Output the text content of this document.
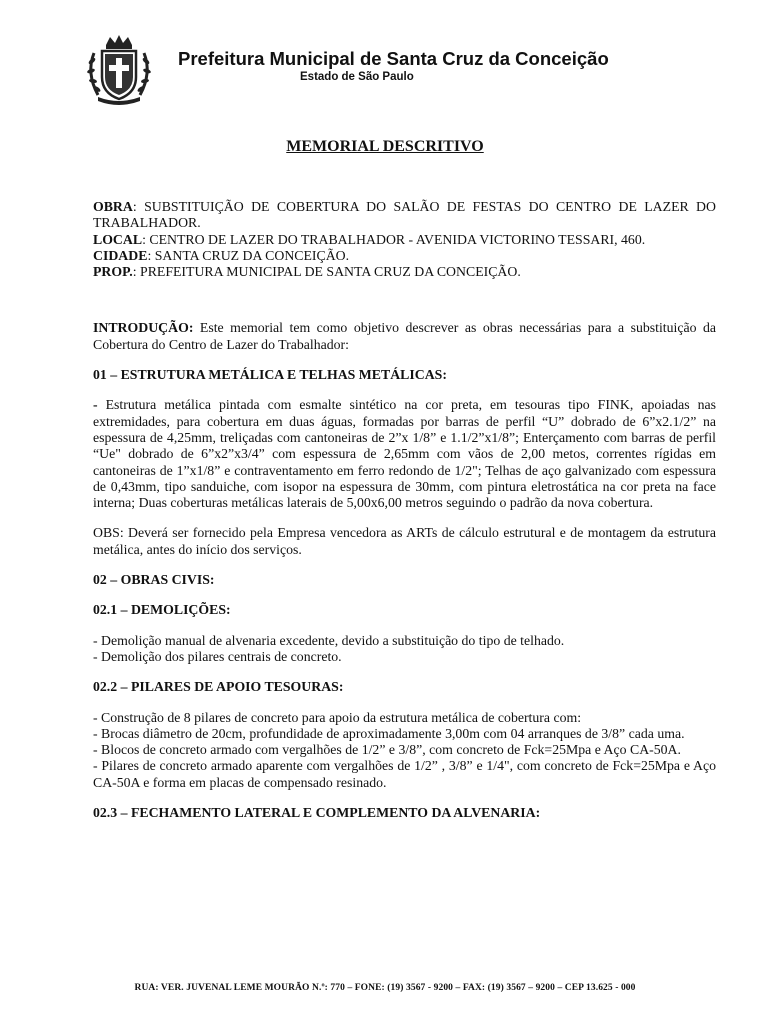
Prefeitura Municipal de Santa Cruz da Conceição
Estado de São Paulo
MEMORIAL DESCRITIVO

OBRA: SUBSTITUIÇÃO DE COBERTURA DO SALÃO DE FESTAS DO CENTRO DE LAZER DO TRABALHADOR.

LOCAL: CENTRO DE LAZER DO TRABALHADOR - AVENIDA VICTORINO TESSARI, 460.

CIDADE: SANTA CRUZ DA CONCEIÇÃO.

PROP.: PREFEITURA MUNICIPAL DE SANTA CRUZ DA CONCEIÇÃO.

INTRODUÇÃO: Este memorial tem como objetivo descrever as obras necessárias para a substituição da Cobertura do Centro de Lazer do Trabalhador:

01 – ESTRUTURA METÁLICA E TELHAS METÁLICAS:

- Estrutura metálica pintada com esmalte sintético na cor preta, em tesouras tipo FINK, apoiadas nas extremidades, para cobertura em duas águas, formadas por barras de perfil “U” dobrado de 6”x2.1/2” na espessura de 4,25mm, treliçadas com cantoneiras de 2”x 1/8” e 1.1/2”x1/8”; Enterçamento com barras de perfil “Ue" dobrado de 6”x2”x3/4” com espessura de 2,65mm com vãos de 2,00 metos, correntes rígidas em cantoneiras de 1”x1/8” e contraventamento em ferro redondo de 1/2"; Telhas de aço galvanizado com espessura de 0,43mm, tipo sanduiche, com isopor na espessura de 30mm, com pintura eletrostática na cor preta na face interna; Duas coberturas metálicas laterais de 5,00x6,00 metros seguindo o padrão da nova cobertura.

OBS: Deverá ser fornecido pela Empresa vencedora as ARTs de cálculo estrutural e de montagem da estrutura metálica, antes do início dos serviços.

02 – OBRAS CIVIS:

02.1 – DEMOLIÇÕES:

- Demolição manual de alvenaria excedente, devido a substituição do tipo de telhado.

- Demolição dos pilares centrais de concreto.

02.2 – PILARES DE APOIO TESOURAS:

- Construção de 8 pilares de concreto para apoio da estrutura metálica de cobertura com:

- Brocas diâmetro de 20cm, profundidade de aproximadamente 3,00m com 04 arranques de 3/8” cada uma.

- Blocos de concreto armado com vergalhões de 1/2” e 3/8”, com concreto de Fck=25Mpa e Aço CA-50A.

- Pilares de concreto armado aparente com vergalhões de 1/2” , 3/8” e 1/4", com concreto de Fck=25Mpa e Aço CA-50A e forma em placas de compensado resinado.

02.3 – FECHAMENTO LATERAL E COMPLEMENTO DA ALVENARIA:

RUA: VER. JUVENAL LEME MOURÃO N.º: 770 – FONE: (19) 3567 - 9200 – FAX: (19) 3567 – 9200 – CEP 13.625 - 000
